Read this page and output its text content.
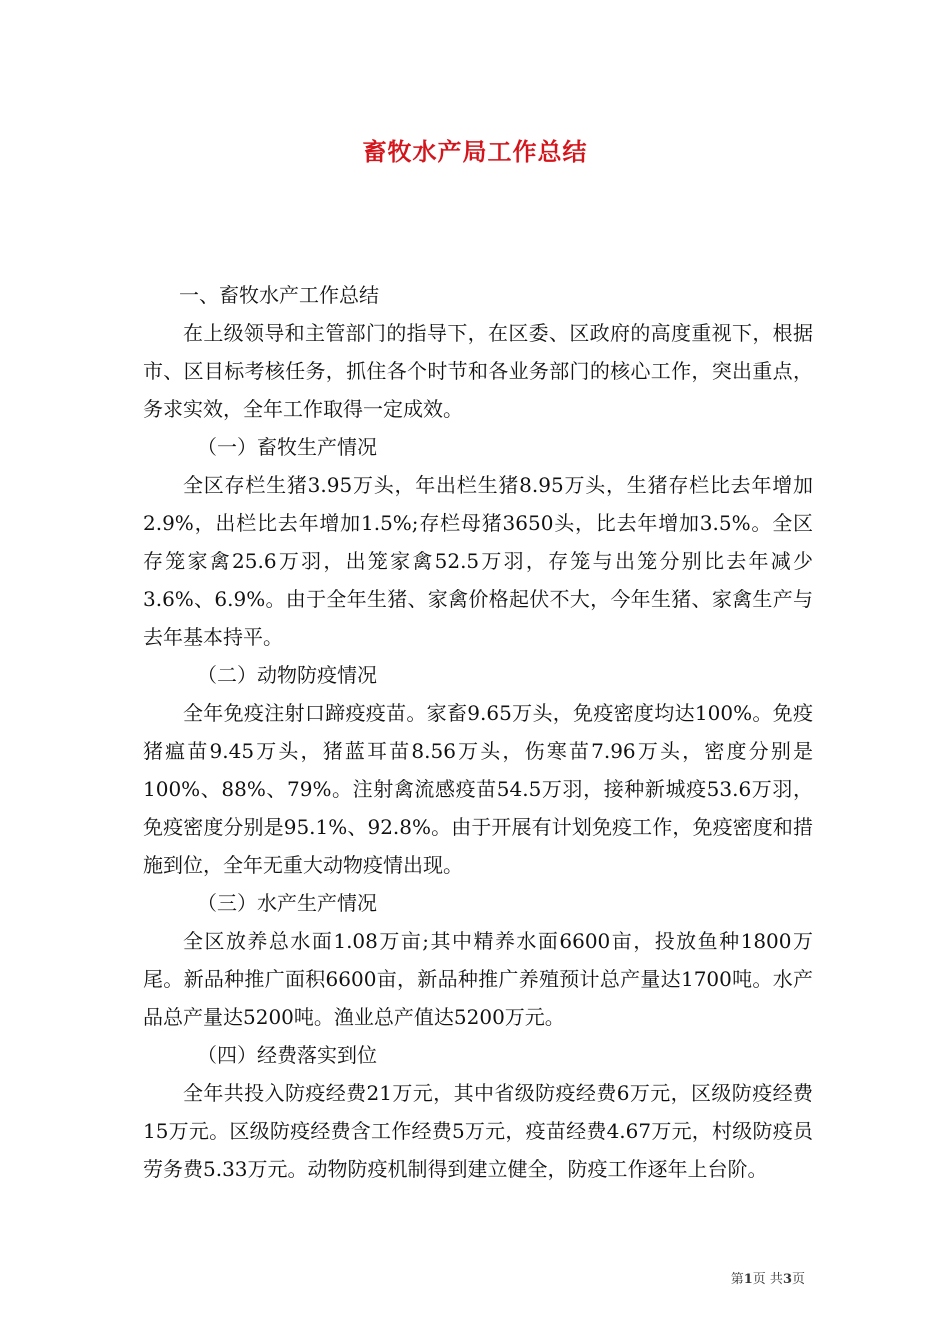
畜牧水产局工作总结

一、畜牧水产工作总结

在上级领导和主管部门的指导下，在区委、区政府的高度重视下，根据市、区目标考核任务，抓住各个时节和各业务部门的核心工作，突出重点，务求实效，全年工作取得一定成效。

（一）畜牧生产情况

全区存栏生猪3.95万头，年出栏生猪8.95万头，生猪存栏比去年增加2.9%，出栏比去年增加1.5%;存栏母猪3650头，比去年增加3.5%。全区存笼家禽25.6万羽，出笼家禽52.5万羽，存笼与出笼分别比去年减少3.6%、6.9%。由于全年生猪、家禽价格起伏不大，今年生猪、家禽生产与去年基本持平。

（二）动物防疫情况

全年免疫注射口蹄疫疫苗。家畜9.65万头，免疫密度均达100%。免疫猪瘟苗9.45万头，猪蓝耳苗8.56万头，伤寒苗7.96万头，密度分别是100%、88%、79%。注射禽流感疫苗54.5万羽，接种新城疫53.6万羽，免疫密度分别是95.1%、92.8%。由于开展有计划免疫工作，免疫密度和措施到位，全年无重大动物疫情出现。

（三）水产生产情况

全区放养总水面1.08万亩;其中精养水面6600亩，投放鱼种1800万尾。新品种推广面积6600亩，新品种推广养殖预计总产量达1700吨。水产品总产量达5200吨。渔业总产值达5200万元。

（四）经费落实到位

全年共投入防疫经费21万元，其中省级防疫经费6万元，区级防疫经费15万元。区级防疫经费含工作经费5万元，疫苗经费4.67万元，村级防疫员劳务费5.33万元。动物防疫机制得到建立健全，防疫工作逐年上台阶。

第1页 共3页
